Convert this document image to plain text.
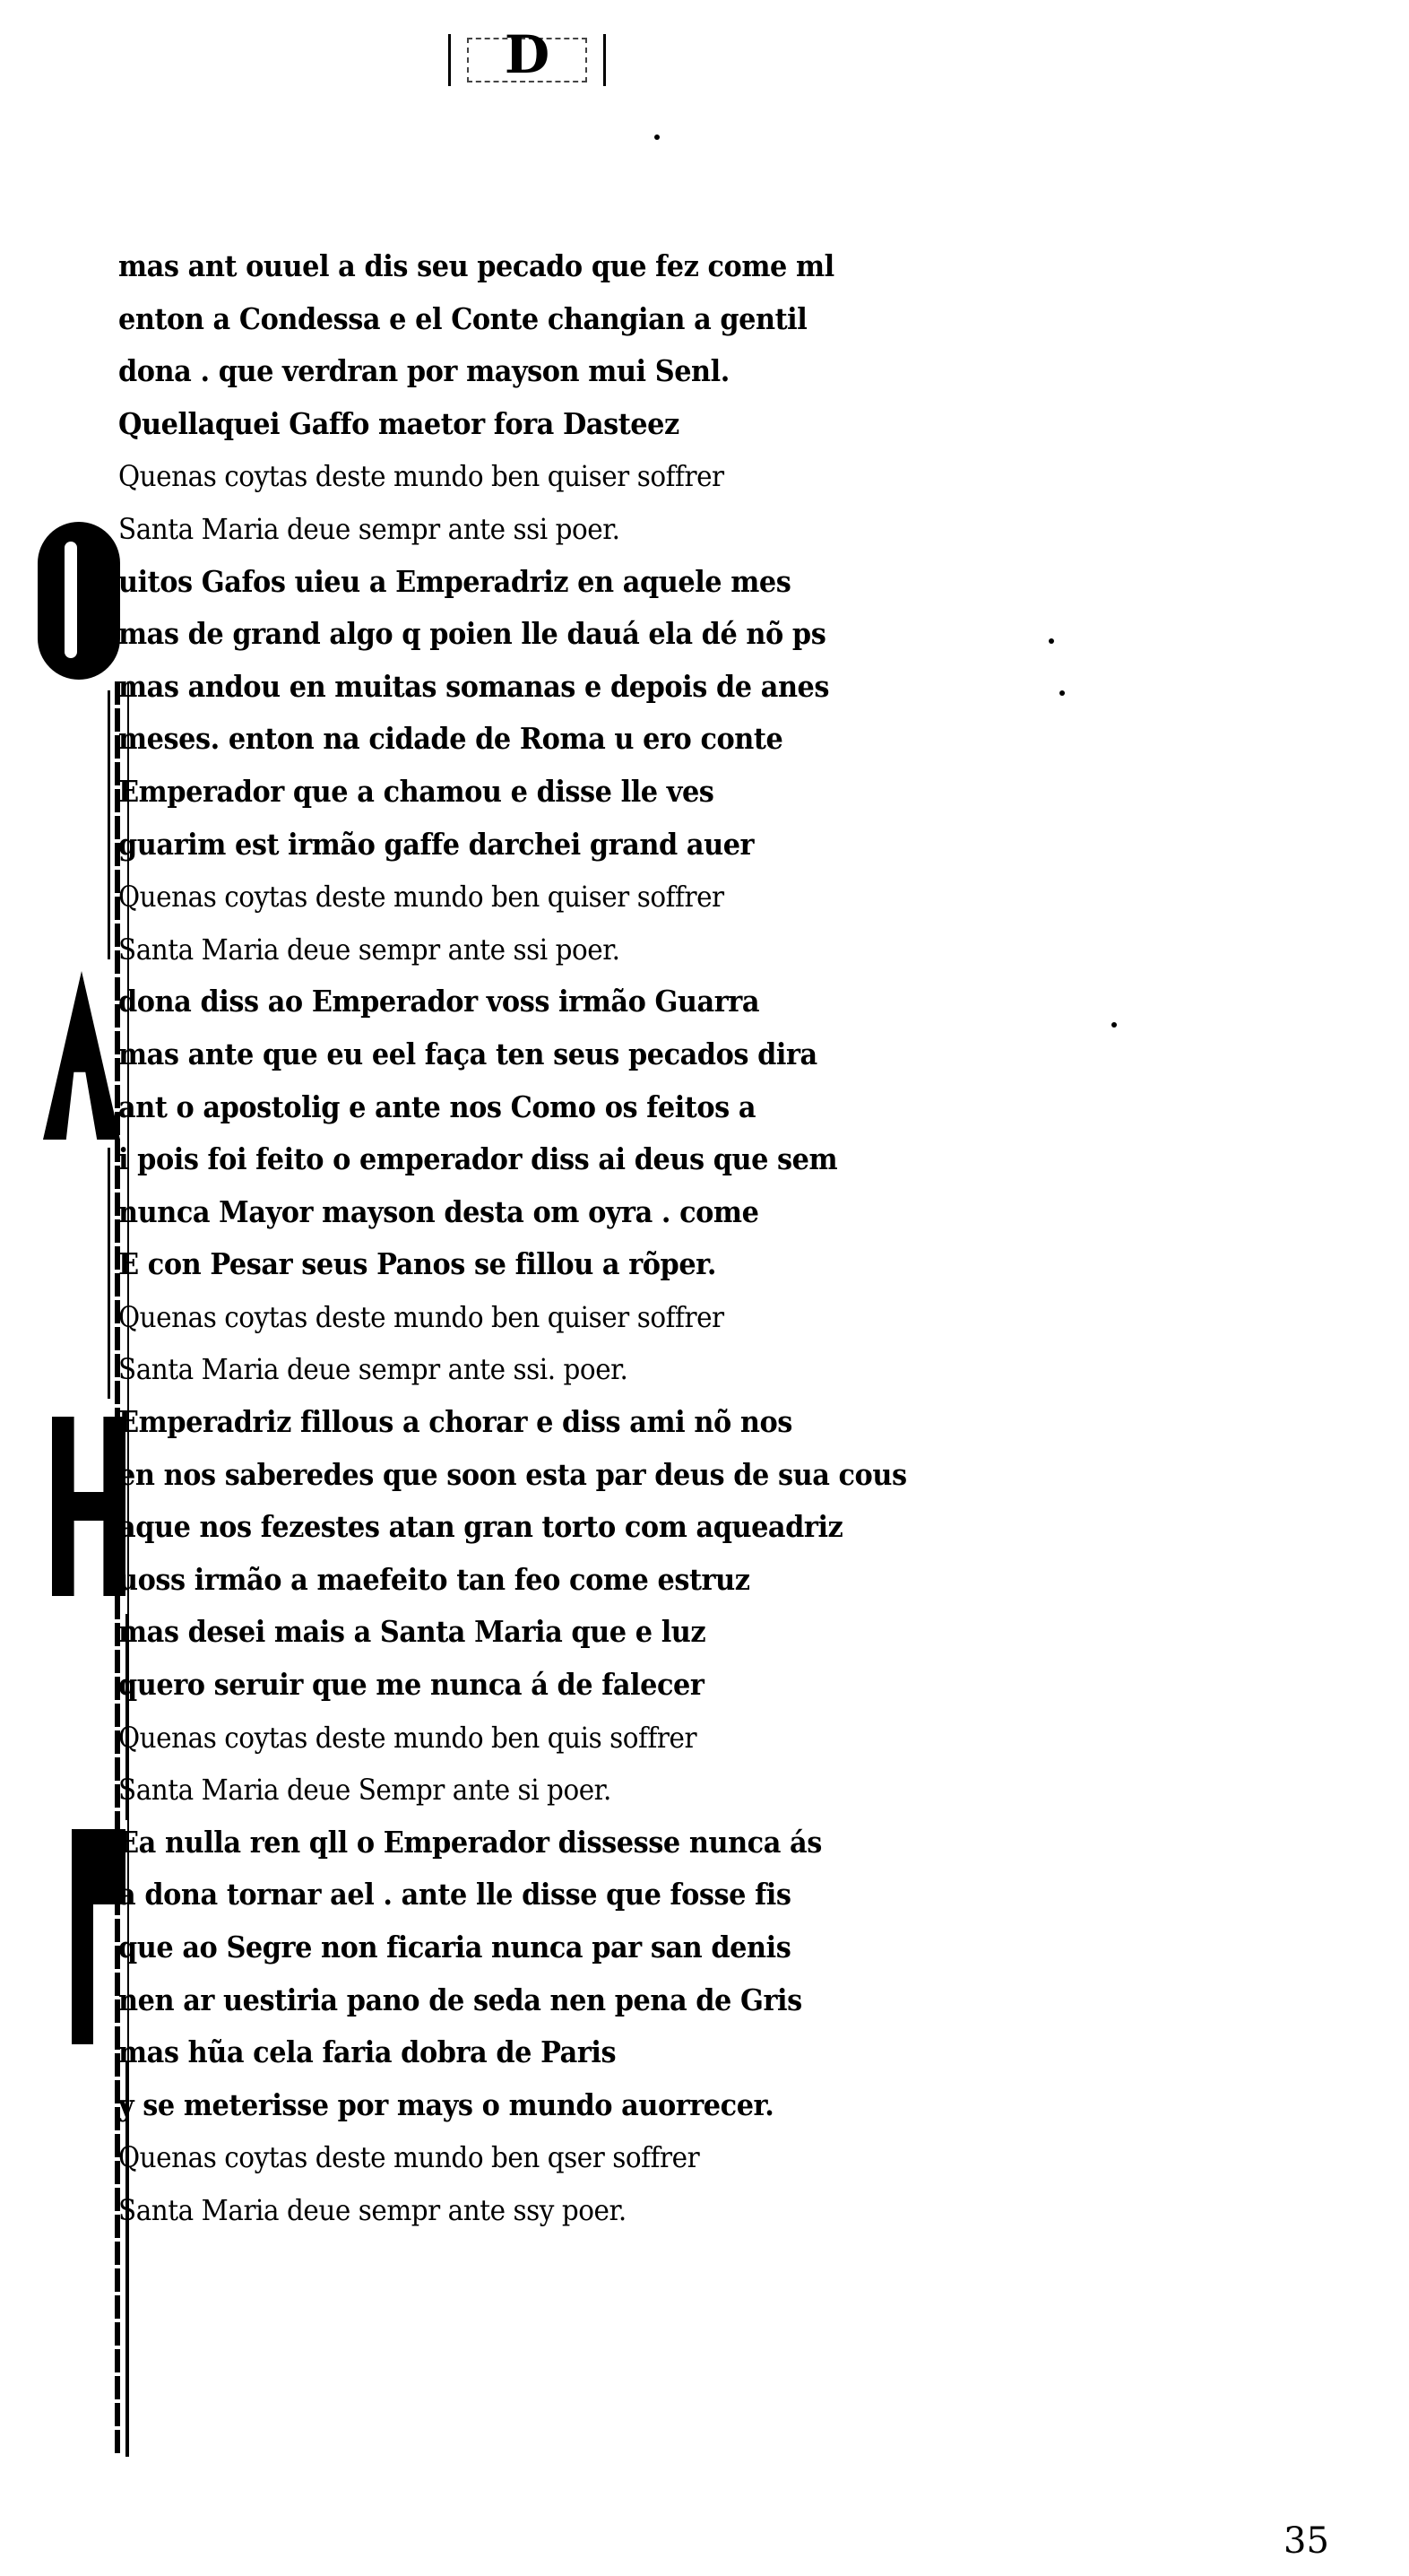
D
mas ant ouuel a dis seu pecado que fez come ml
enton a Condessa e el Conte changian a gentil
dona . que verdran por mayson mui Senl.
Quellaquei Gaffo maetor fora Dasteez
Quenas coytas deste mundo ben quiser soffrer
Santa Maria deue sempr ante ssi poer.
uitos Gafos uieu a Emperadriz en aquele mes
mas de grand algo q poien lle dauá ela dé nõ ps
mas andou en muitas somanas e depois de anes
meses. enton na cidade de Roma u ero conte
Emperador que a chamou e disse lle ves
guarim est irmão gaffe darchei grand auer
Quenas coytas deste mundo ben quiser soffrer
Santa Maria deue sempr ante ssi poer.
dona diss ao Emperador voss irmão Guarra
mas ante que eu eel faça ten seus pecados dira
ant o apostolig e ante nos Como os feitos a
i pois foi feito o emperador diss ai deus que sem
nunca Mayor mayson desta om oyra . come
E con Pesar seus Panos se fillou a rõper.
Quenas coytas deste mundo ben quiser soffrer
Santa Maria deue sempr ante ssi. poer.
Emperadriz fillous a chorar e diss ami nõ nos
en nos saberedes que soon esta par deus de sua cous
aque nos fezestes atan gran torto com aqueadriz
uoss irmão a maefeito tan feo come estruz
mas desei mais a Santa Maria que e luz
quero seruir que me nunca á de falecer
Quenas coytas deste mundo ben quis soffrer
Santa Maria deue Sempr ante si poer.
Ea nulla ren qll o Emperador dissesse nunca ás
a dona tornar ael . ante lle disse que fosse fis
que ao Segre non ficaria nunca par san denis
nen ar uestiria pano de seda nen pena de Gris
mas hũa cela faria dobra de Paris
y se meterisse por mays o mundo auorrecer.
Quenas coytas deste mundo ben qser soffrer
Santa Maria deue sempr ante ssy poer.
35
